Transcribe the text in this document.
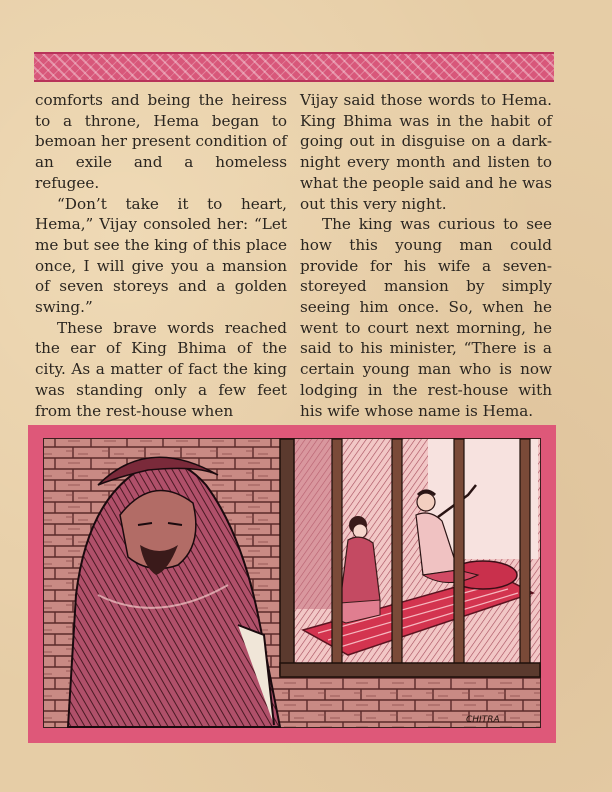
comforts and being the heiress to a throne, Hema began to bemoan her present condition of an exile and a homeless refugee.

“Don’t take it to heart, Hema,” Vijay consoled her: “Let me but see the king of this place once, I will give you a mansion of seven storeys and a golden swing.”

These brave words reached the ear of King Bhima of the city. As a matter of fact the king was standing only a few feet from the rest-house when

Vijay said those words to Hema. King Bhima was in the habit of going out in disguise on a dark-night every month and listen to what the people said and he was out this very night.

The king was curious to see how this young man could provide for his wife a seven-storeyed mansion by simply seeing him once. So, when he went to court next morning, he said to his minister, “There is a certain young man who is now lodging in the rest-house with his wife whose name is Hema.

CHITRA
